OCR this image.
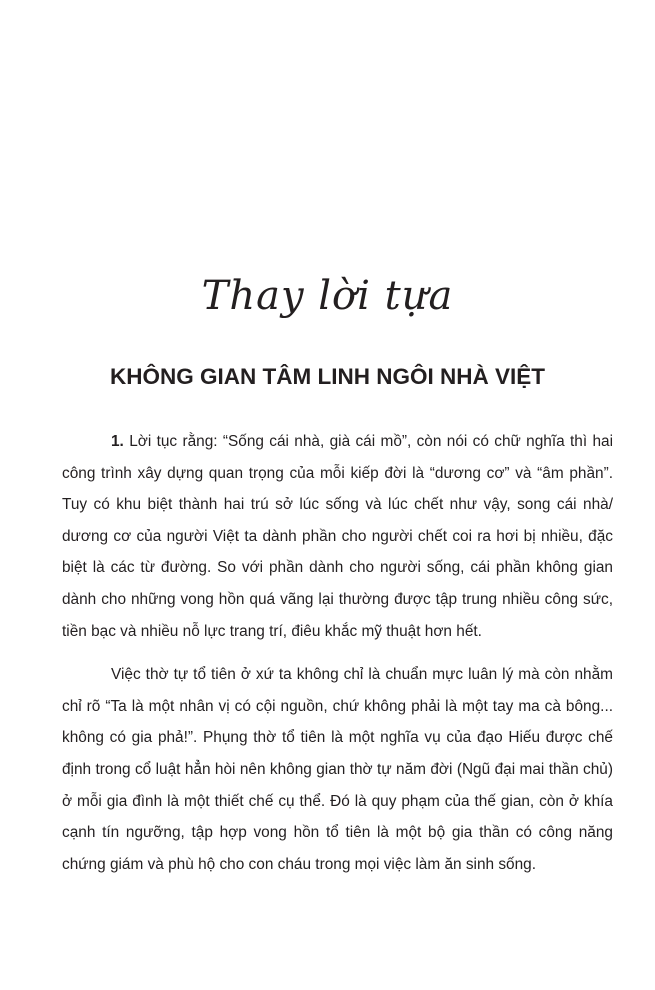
Thay lời tựa
KHÔNG GIAN TÂM LINH NGÔI NHÀ VIỆT

1. Lời tục rằng: “Sống cái nhà, già cái mồ”, còn nói có chữ nghĩa thì hai công trình xây dựng quan trọng của mỗi kiếp đời là “dương cơ” và “âm phần”. Tuy có khu biệt thành hai trú sở lúc sống và lúc chết như vậy, song cái nhà/ dương cơ của người Việt ta dành phần cho người chết coi ra hơi bị nhiều, đặc biệt là các từ đường. So với phần dành cho người sống, cái phần không gian dành cho những vong hồn quá vãng lại thường được tập trung nhiều công sức, tiền bạc và nhiều nỗ lực trang trí, điêu khắc mỹ thuật hơn hết.

Việc thờ tự tổ tiên ở xứ ta không chỉ là chuẩn mực luân lý mà còn nhằm chỉ rõ “Ta là một nhân vị có cội nguồn, chứ không phải là một tay ma cà bông... không có gia phả!”. Phụng thờ tổ tiên là một nghĩa vụ của đạo Hiếu được chế định trong cổ luật hẳn hòi nên không gian thờ tự năm đời (Ngũ đại mai thần chủ) ở mỗi gia đình là một thiết chế cụ thể. Đó là quy phạm của thế gian, còn ở khía cạnh tín ngưỡng, tập hợp vong hồn tổ tiên là một bộ gia thần có công năng chứng giám và phù hộ cho con cháu trong mọi việc làm ăn sinh sống.
